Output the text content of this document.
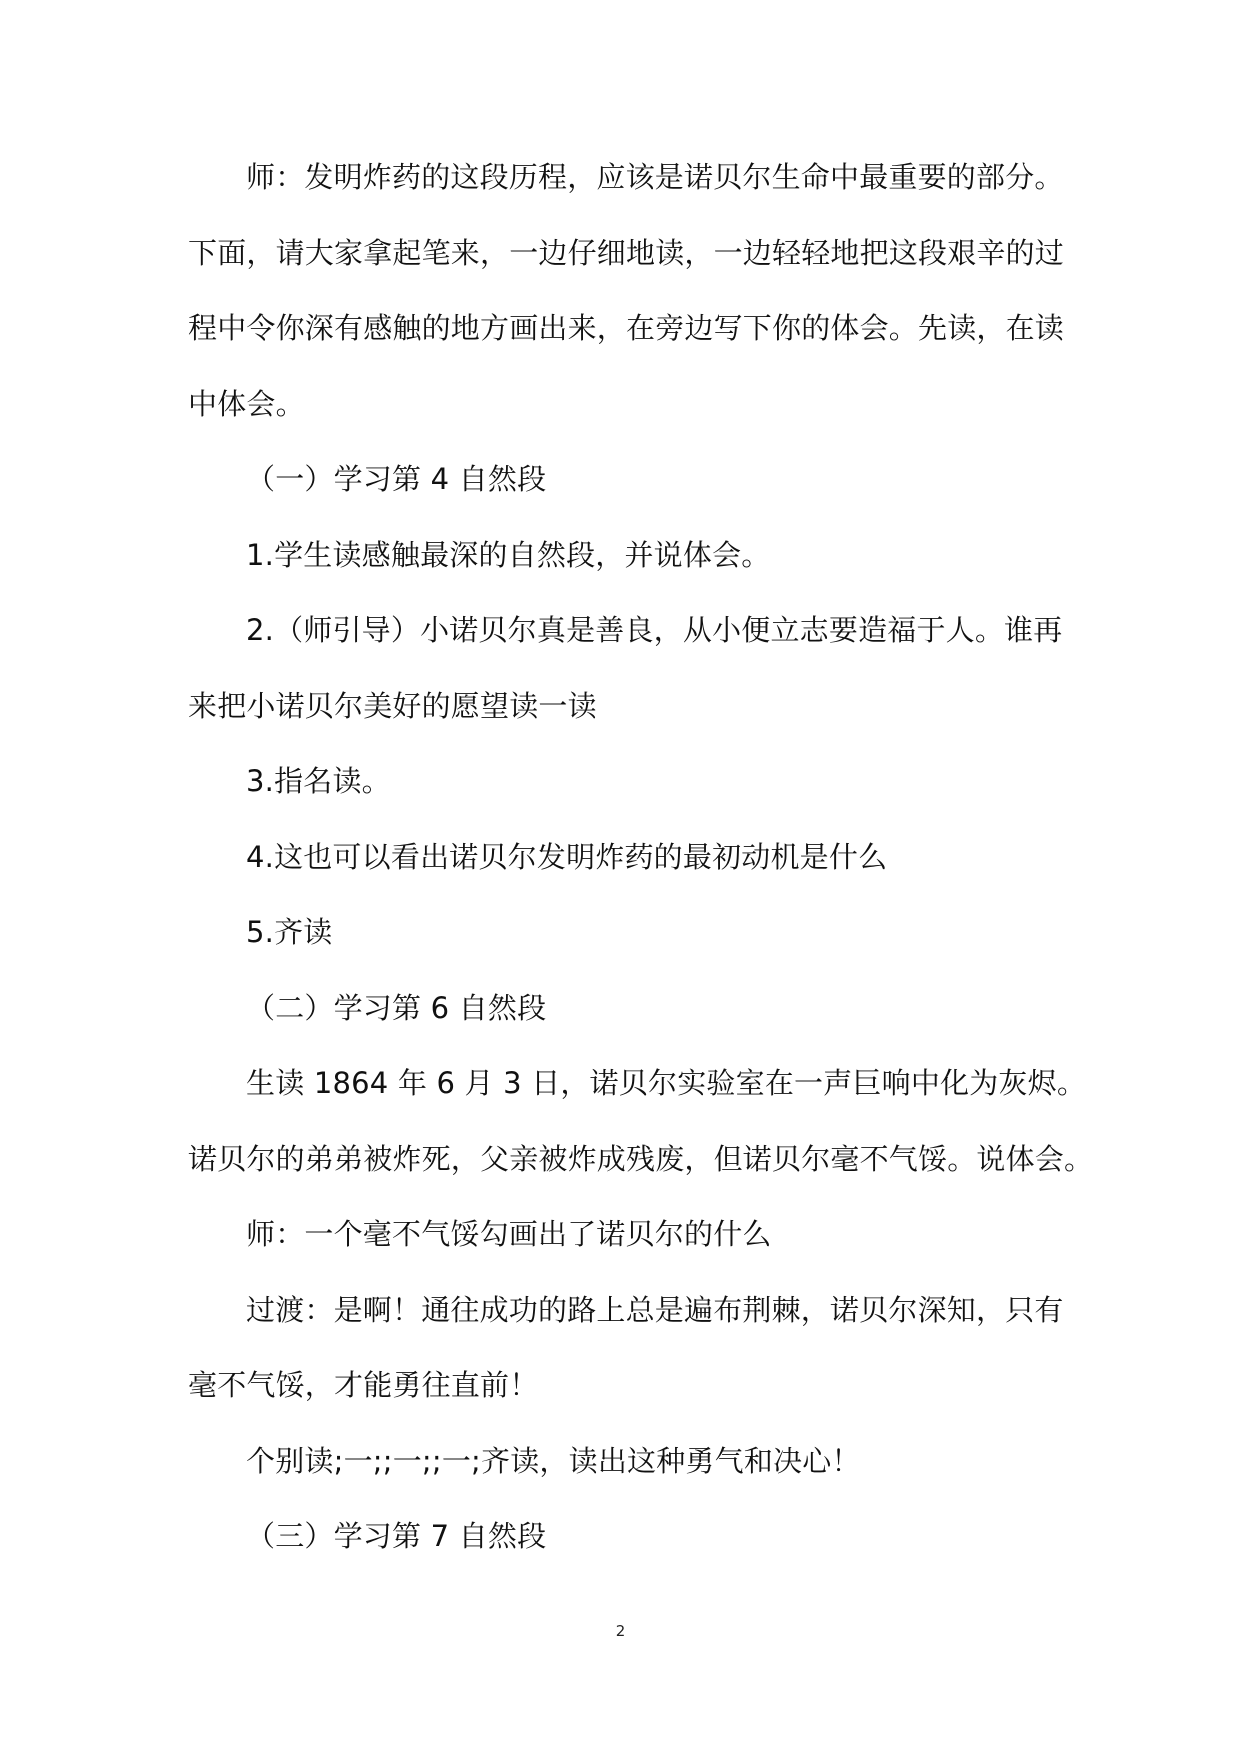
师：发明炸药的这段历程，应该是诺贝尔生命中最重要的部分。
下面，请大家拿起笔来，一边仔细地读，一边轻轻地把这段艰辛的过
程中令你深有感触的地方画出来，在旁边写下你的体会。先读，在读
中体会。
（一）学习第 4 自然段
1.学生读感触最深的自然段，并说体会。
2.（师引导）小诺贝尔真是善良，从小便立志要造福于人。谁再
来把小诺贝尔美好的愿望读一读
3.指名读。
4.这也可以看出诺贝尔发明炸药的最初动机是什么
5.齐读
（二）学习第 6 自然段
生读 1864 年 6 月 3 日，诺贝尔实验室在一声巨响中化为灰烬。
诺贝尔的弟弟被炸死，父亲被炸成残废，但诺贝尔毫不气馁。说体会。
师：一个毫不气馁勾画出了诺贝尔的什么
过渡：是啊！通往成功的路上总是遍布荆棘，诺贝尔深知，只有
毫不气馁，才能勇往直前！
个别读;一;;一;;一;齐读，读出这种勇气和决心！
（三）学习第 7 自然段
2
